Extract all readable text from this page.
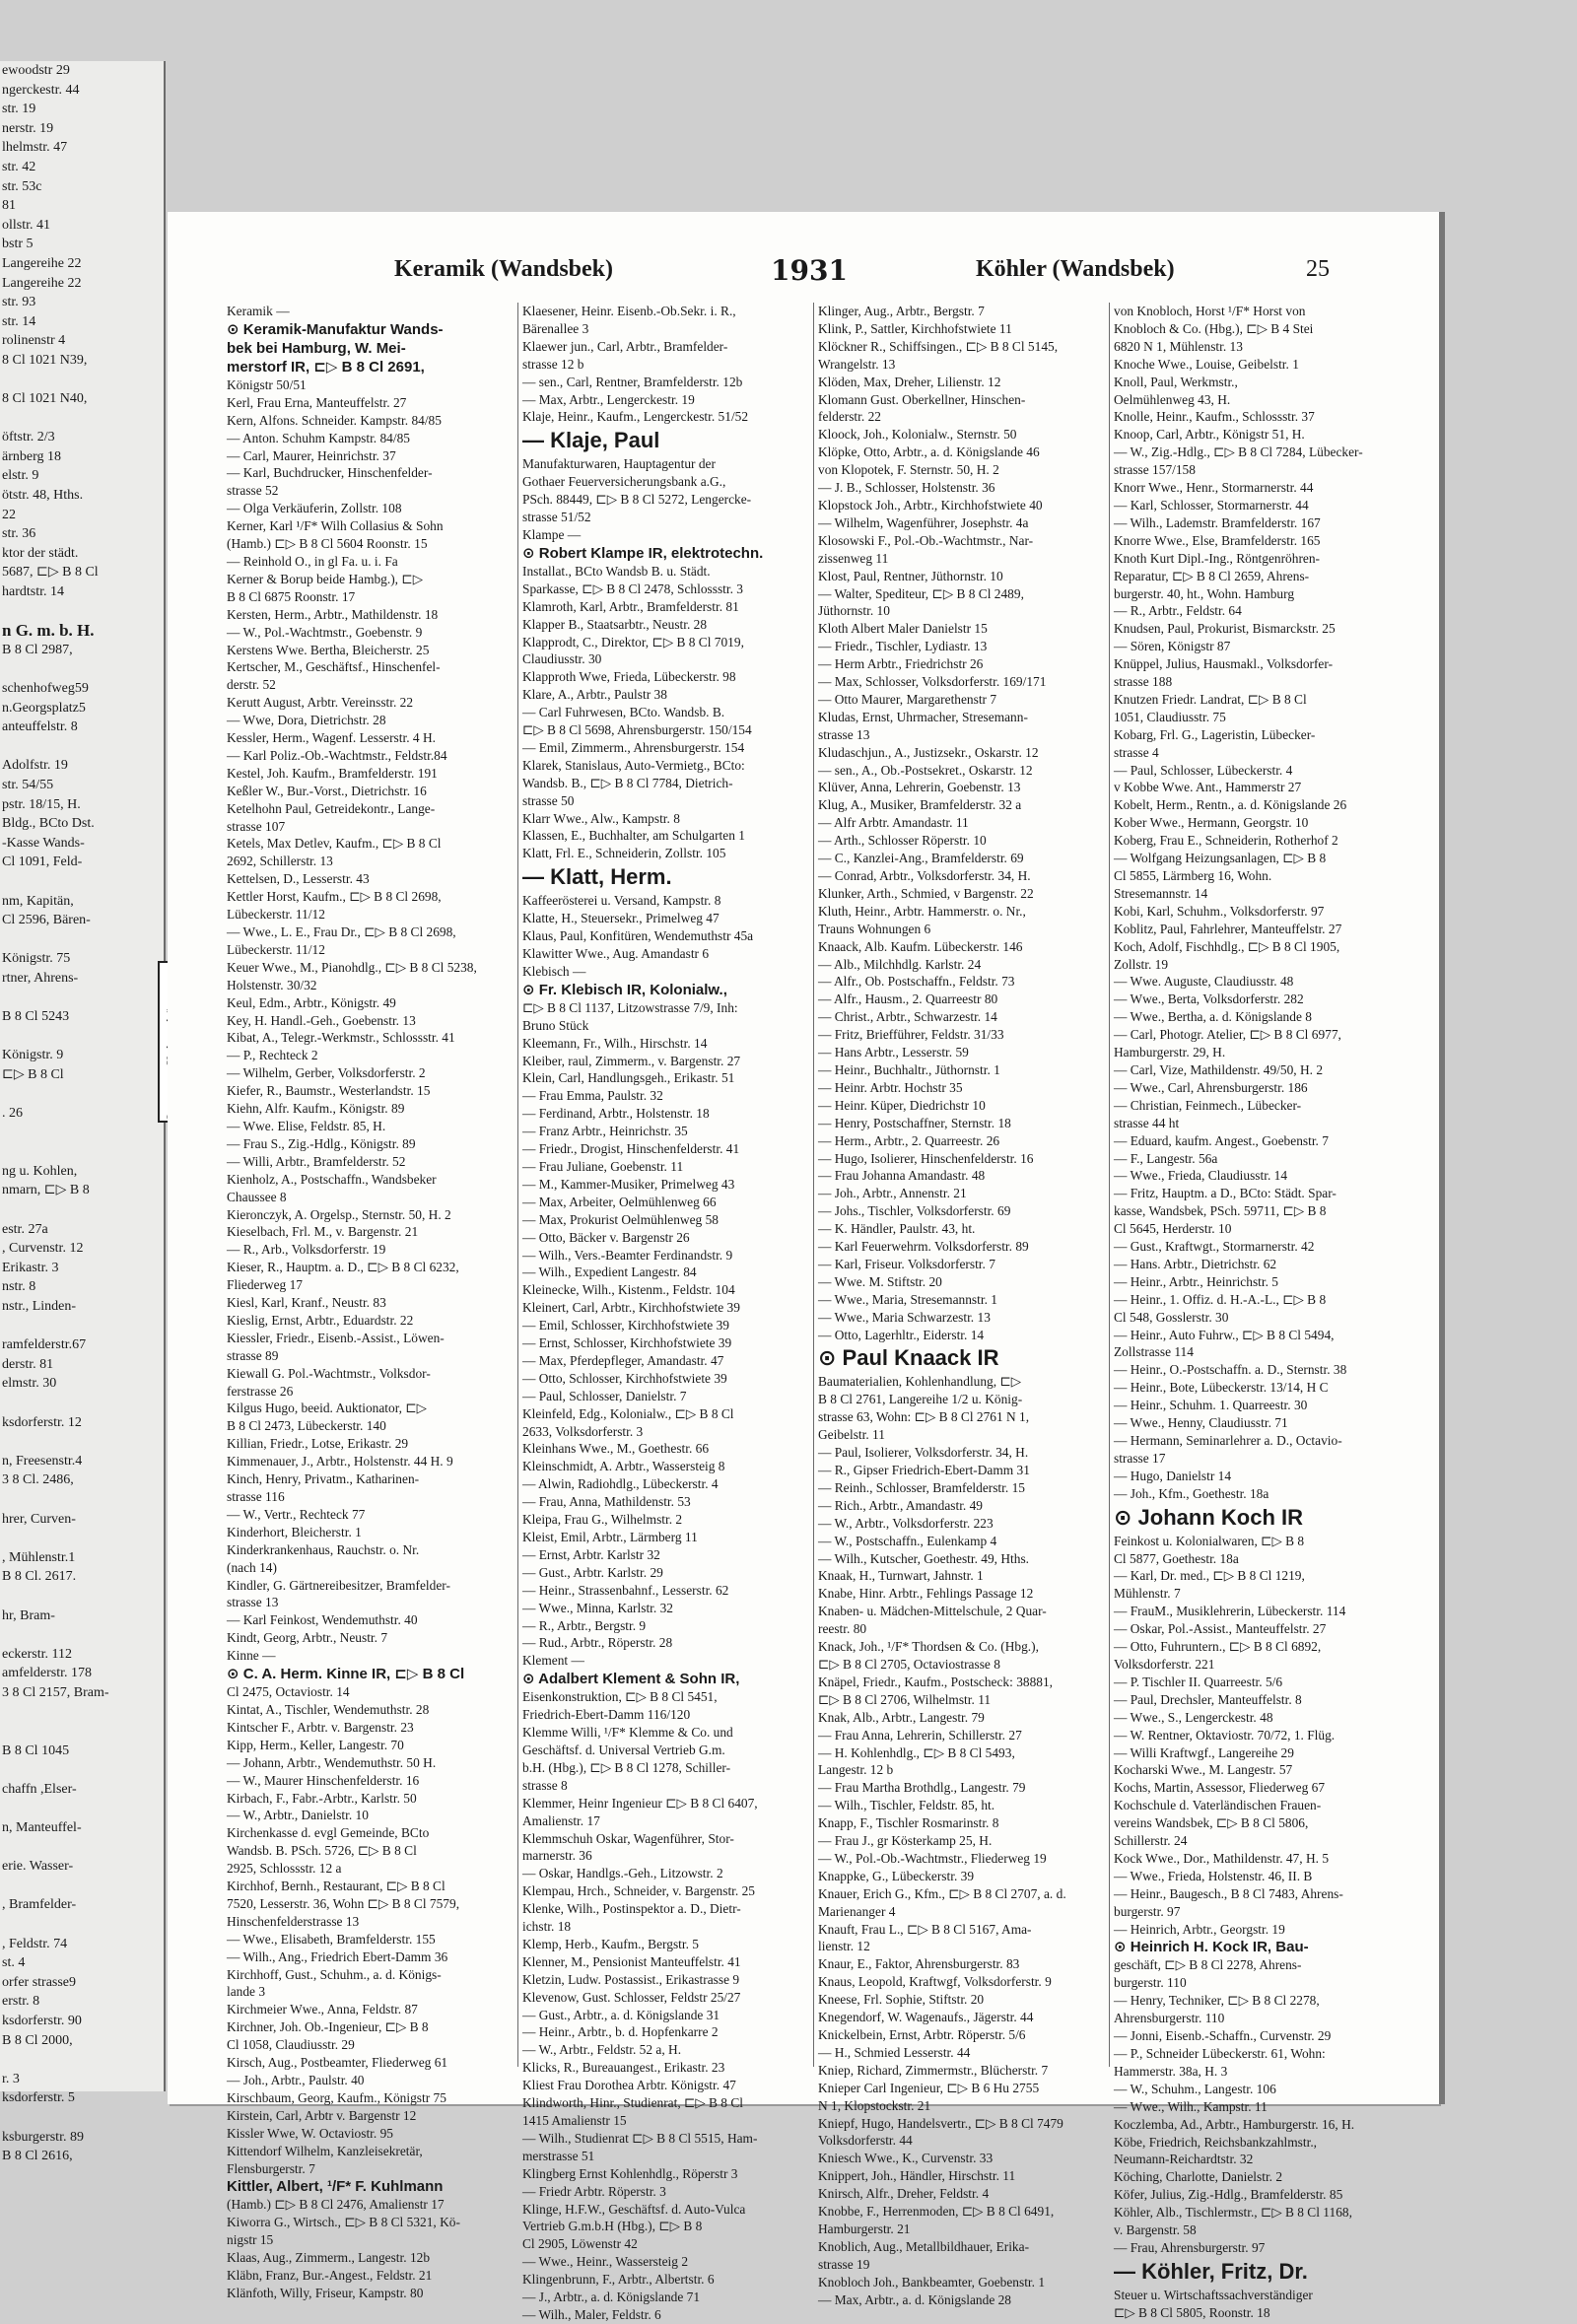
ewoodstr 29
ngerckestr. 44
str. 19
nerstr. 19
lhelmstr. 47
str. 42
str. 53c
81
ollstr. 41
bstr 5
Langereihe 22
Langereihe 22
str. 93
str. 14
rolinenstr 4
8 Cl 1021 N39,

8 Cl 1021 N40,

öftstr. 2/3
ärnberg 18
elstr. 9
ötstr. 48, Hths.
22
str. 36
ktor der städt.
5687, ⊏▷ B 8 Cl
hardtstr. 14

n G. m. b. H.
B 8 Cl 2987,

schenhofweg59
n.Georgsplatz5
anteuffelstr. 8

Adolfstr. 19
str. 54/55
pstr. 18/15, H.
Bldg., BCto Dst.
-Kasse Wands-
Cl 1091, Feld-

nm, Kapitän,
Cl 2596, Bären-

Königstr. 75
rtner, Ahrens-

B 8 Cl 5243

Königstr. 9
⊏▷ B 8 Cl

. 26

ng u. Kohlen,
nmarn, ⊏▷ B 8

estr. 27a
, Curvenstr. 12
Erikastr. 3
nstr. 8
nstr., Linden-

ramfelderstr.67
derstr. 81
elmstr. 30

ksdorferstr. 12

n, Freesenstr.4
3 8 Cl. 2486,

hrer, Curven-

, Mühlenstr.1
B 8 Cl. 2617.

hr, Bram-

eckerstr. 112
amfelderstr. 178
3 8 Cl 2157, Bram-

B 8 Cl 1045

chaffn ,Elser-

n, Manteuffel-

erie. Wasser-

, Bramfelder-

, Feldstr. 74
st. 4
orfer strasse9
erstr. 8
ksdorferstr. 90
B 8 Cl 2000,

r. 3
ksdorferstr. 5

ksburgerstr. 89
B 8 Cl 2616,
Keramik (Wandsbek)	1931	Köhler (Wandsbek)	25
Keramik —
⊙ Keramik-Manufaktur Wands-
bek bei Hamburg, W. Mei-
merstorf IR, ⊏▷ B 8 Cl 2691,
Königstr 50/51
Kerl, Frau Erna, Manteuffelstr. 27
Kern, Alfons. Schneider. Kampstr. 84/85
— Anton. Schuhm Kampstr. 84/85
— Carl, Maurer, Heinrichstr. 37
— Karl, Buchdrucker, Hinschenfelder-
strasse 52
— Olga Verkäuferin, Zollstr. 108
Kerner, Karl ¹/F* Wilh Collasius & Sohn
(Hamb.) ⊏▷ B 8 Cl 5604 Roonstr. 15
— Reinhold O., in gl Fa. u. i. Fa
Kerner & Borup beide Hambg.), ⊏▷
B 8 Cl 6875 Roonstr. 17
Kersten, Herm., Arbtr., Mathildenstr. 18
— W., Pol.-Wachtmstr., Goebenstr. 9
Kerstens Wwe. Bertha, Bleicherstr. 25
Kertscher, M., Geschäftsf., Hinschenfel-
derstr. 52
Kerutt August, Arbtr. Vereinsstr. 22
— Wwe, Dora, Dietrichstr. 28
Kessler, Herm., Wagenf. Lesserstr. 4 H.
— Karl Poliz.-Ob.-Wachtmstr., Feldstr.84
Kestel, Joh. Kaufm., Bramfelderstr. 191
Keßler W., Bur.-Vorst., Dietrichstr. 16
Ketelhohn Paul, Getreidekontr., Lange-
strasse 107
Ketels, Max Detlev, Kaufm., ⊏▷ B 8 Cl
2692, Schillerstr. 13
Kettelsen, D., Lesserstr. 43
Kettler Horst, Kaufm., ⊏▷ B 8 Cl 2698,
Lübeckerstr. 11/12
— Wwe., L. E., Frau Dr., ⊏▷ B 8 Cl 2698,
Lübeckerstr. 11/12
Keuer Wwe., M., Pianohdlg., ⊏▷ B 8 Cl 5238,
Holstenstr. 30/32
Keul, Edm., Arbtr., Königstr. 49
Key, H. Handl.-Geh., Goebenstr. 13
Kibat, A., Telegr.-Werkmstr., Schlossstr. 41
— P., Rechteck 2
— Wilhelm, Gerber, Volksdorferstr. 2
Kiefer, R., Baumstr., Westerlandstr. 15
Kiehn, Alfr. Kaufm., Königstr. 89
— Wwe. Elise, Feldstr. 85, H.
— Frau S., Zig.-Hdlg., Königstr. 89
— Willi, Arbtr., Bramfelderstr. 52
Kienholz, A., Postschaffn., Wandsbeker
Chaussee 8
Kieronczyk, A. Orgelsp., Sternstr. 50, H. 2
Kieselbach, Frl. M., v. Bargenstr. 21
— R., Arb., Volksdorferstr. 19
Kieser, R., Hauptm. a. D., ⊏▷ B 8 Cl 6232,
Fliederweg 17
Kiesl, Karl, Kranf., Neustr. 83
Kieslig, Ernst, Arbtr., Eduardstr. 22
Kiessler, Friedr., Eisenb.-Assist., Löwen-
strasse 89
Kiewall G. Pol.-Wachtmstr., Volksdor-
ferstrasse 26
Kilgus Hugo, beeid. Auktionator, ⊏▷
B 8 Cl 2473, Lübeckerstr. 140
Killian, Friedr., Lotse, Erikastr. 29
Kimmenauer, J., Arbtr., Holstenstr. 44 H. 9
Kinch, Henry, Privatm., Katharinen-
strasse 116
— W., Vertr., Rechteck 77
Kinderhort, Bleicherstr. 1
Kinderkrankenhaus, Rauchstr. o. Nr.
(nach 14)
Kindler, G. Gärtnereibesitzer, Bramfelder-
strasse 13
— Karl Feinkost, Wendemuthstr. 40
Kindt, Georg, Arbtr., Neustr. 7
Kinne —
⊙ C. A. Herm. Kinne IR, ⊏▷ B 8 Cl
Cl 2475, Octaviostr. 14
Kintat, A., Tischler, Wendemuthstr. 28
Kintscher F., Arbtr. v. Bargenstr. 23
Kipp, Herm., Keller, Langestr. 70
— Johann, Arbtr., Wendemuthstr. 50 H.
— W., Maurer Hinschenfelderstr. 16
Kirbach, F., Fabr.-Arbtr., Karlstr. 50
— W., Arbtr., Danielstr. 10
Kirchenkasse d. evgl Gemeinde, BCto
Wandsb. B. PSch. 5726, ⊏▷ B 8 Cl
2925, Schlossstr. 12 a
Kirchhof, Bernh., Restaurant, ⊏▷ B 8 Cl
7520, Lesserstr. 36, Wohn ⊏▷ B 8 Cl 7579,
Hinschenfelderstrasse 13
— Wwe., Elisabeth, Bramfelderstr. 155
— Wilh., Ang., Friedrich Ebert-Damm 36
Kirchhoff, Gust., Schuhm., a. d. Königs-
lande 3
Kirchmeier Wwe., Anna, Feldstr. 87
Kirchner, Joh. Ob.-Ingenieur, ⊏▷ B 8
Cl 1058, Claudiusstr. 29
Kirsch, Aug., Postbeamter, Fliederweg 61
— Joh., Arbtr., Paulstr. 40
Kirschbaum, Georg, Kaufm., Königstr 75
Kirstein, Carl, Arbtr v. Bargenstr 12
Kissler Wwe, W. Octaviostr. 95
Kittendorf Wilhelm, Kanzleisekretär,
Flensburgerstr. 7
Kittler, Albert, ¹/F* F. Kuhlmann
(Hamb.) ⊏▷ B 8 Cl 2476, Amalienstr 17
Kiworra G., Wirtsch., ⊏▷ B 8 Cl 5321, Kö-
nigstr 15
Klaas, Aug., Zimmerm., Langestr. 12b
Kläbn, Franz, Bur.-Angest., Feldstr. 21
Klänfoth, Willy, Friseur, Kampstr. 80
Klaesener, Heinr. Eisenb.-Ob.Sekr. i. R.,
Bärenallee 3
Klaewer jun., Carl, Arbtr., Bramfelder-
strasse 12 b
— sen., Carl, Rentner, Bramfelderstr. 12b
— Max, Arbtr., Lengerckestr. 19
Klaje, Heinr., Kaufm., Lengerckestr. 51/52
— Klaje, Paul
Manufakturwaren, Hauptagentur der
Gothaer Feuerversicherungsbank a.G.,
PSch. 88449, ⊏▷ B 8 Cl 5272, Lengercke-
strasse 51/52
Klampe —
⊙ Robert Klampe IR, elektrotechn.
Installat., BCto Wandsb B. u. Städt.
Sparkasse, ⊏▷ B 8 Cl 2478, Schlossstr. 3
Klamroth, Karl, Arbtr., Bramfelderstr. 81
Klapper B., Staatsarbtr., Neustr. 28
Klapprodt, C., Direktor, ⊏▷ B 8 Cl 7019,
Claudiusstr. 30
Klapproth Wwe, Frieda, Lübeckerstr. 98
Klare, A., Arbtr., Paulstr 38
— Carl Fuhrwesen, BCto. Wandsb. B.
⊏▷ B 8 Cl 5698, Ahrensburgerstr. 150/154
— Emil, Zimmerm., Ahrensburgerstr. 154
Klarek, Stanislaus, Auto-Vermietg., BCto:
Wandsb. B., ⊏▷ B 8 Cl 7784, Dietrich-
strasse 50
Klarr Wwe., Alw., Kampstr. 8
Klassen, E., Buchhalter, am Schulgarten 1
Klatt, Frl. E., Schneiderin, Zollstr. 105
— Klatt, Herm.
Kaffeerösterei u. Versand, Kampstr. 8
Klatte, H., Steuersekr., Primelweg 47
Klaus, Paul, Konfitüren, Wendemuthstr 45a
Klawitter Wwe., Aug. Amandastr 6
Klebisch —
⊙ Fr. Klebisch IR, Kolonialw.,
⊏▷ B 8 Cl 1137, Litzowstrasse 7/9, Inh:
Bruno Stück
Kleemann, Fr., Wilh., Hirschstr. 14
Kleiber, raul, Zimmerm., v. Bargenstr. 27
Klein, Carl, Handlungsgeh., Erikastr. 51
— Frau Emma, Paulstr. 32
— Ferdinand, Arbtr., Holstenstr. 18
— Franz Arbtr., Heinrichstr. 35
— Friedr., Drogist, Hinschenfelderstr. 41
— Frau Juliane, Goebenstr. 11
— M., Kammer-Musiker, Primelweg 43
— Max, Arbeiter, Oelmühlenweg 66
— Max, Prokurist Oelmühlenweg 58
— Otto, Bäcker v. Bargenstr 26
— Wilh., Vers.-Beamter Ferdinandstr. 9
— Wilh., Expedient Langestr. 84
Kleinecke, Wilh., Kistenm., Feldstr. 104
Kleinert, Carl, Arbtr., Kirchhofstwiete 39
— Emil, Schlosser, Kirchhofstwiete 39
— Ernst, Schlosser, Kirchhofstwiete 39
— Max, Pferdepfleger, Amandastr. 47
— Otto, Schlosser, Kirchhofstwiete 39
— Paul, Schlosser, Danielstr. 7
Kleinfeld, Edg., Kolonialw., ⊏▷ B 8 Cl
2633, Volksdorferstr. 3
Kleinhans Wwe., M., Goethestr. 66
Kleinschmidt, A. Arbtr., Wassersteig 8
— Alwin, Radiohdlg., Lübeckerstr. 4
— Frau, Anna, Mathildenstr. 53
Kleipa, Frau G., Wilhelmstr. 2
Kleist, Emil, Arbtr., Lärmberg 11
— Ernst, Arbtr. Karlstr 32
— Gust., Arbtr. Karlstr. 29
— Heinr., Strassenbahnf., Lesserstr. 62
— Wwe., Minna, Karlstr. 32
— R., Arbtr., Bergstr. 9
— Rud., Arbtr., Röperstr. 28
Klement —
⊙ Adalbert Klement & Sohn IR,
Eisenkonstruktion, ⊏▷ B 8 Cl 5451,
Friedrich-Ebert-Damm 116/120
Klemme Willi, ¹/F* Klemme & Co. und
Geschäftsf. d. Universal Vertrieb G.m.
b.H. (Hbg.), ⊏▷ B 8 Cl 1278, Schiller-
strasse 8
Klemmer, Heinr Ingenieur ⊏▷ B 8 Cl 6407,
Amalienstr. 17
Klemmschuh Oskar, Wagenführer, Stor-
marnerstr. 36
— Oskar, Handlgs.-Geh., Litzowstr. 2
Klempau, Hrch., Schneider, v. Bargenstr. 25
Klenke, Wilh., Postinspektor a. D., Dietr-
ichstr. 18
Klemp, Herb., Kaufm., Bergstr. 5
Klenner, M., Pensionist Manteuffelstr. 41
Kletzin, Ludw. Postassist., Erikastrasse 9
Klevenow, Gust. Schlosser, Feldstr 25/27
— Gust., Arbtr., a. d. Königslande 31
— Heinr., Arbtr., b. d. Hopfenkarre 2
— W., Arbtr., Feldstr. 52 a, H.
Klicks, R., Bureauangest., Erikastr. 23
Kliest Frau Dorothea Arbtr. Königstr. 47
Klindworth, Hinr., Studienrat, ⊏▷ B 8 Cl
1415 Amalienstr 15
— Wilh., Studienrat ⊏▷ B 8 Cl 5515, Ham-
merstrasse 51
Klingberg Ernst Kohlenhdlg., Röperstr 3
— Friedr Arbtr. Röperstr. 3
Klinge, H.F.W., Geschäftsf. d. Auto-Vulca
Vertrieb G.m.b.H (Hbg.), ⊏▷ B 8
Cl 2905, Löwenstr 42
— Wwe., Heinr., Wassersteig 2
Klingenbrunn, F., Arbtr., Albertstr. 6
— J., Arbtr., a. d. Königslande 71
— Wilh., Maler, Feldstr. 6
Klinger, Aug., Arbtr., Bergstr. 7
Klink, P., Sattler, Kirchhofstwiete 11
Klöckner R., Schiffsingen., ⊏▷ B 8 Cl 5145,
Wrangelstr. 13
Klöden, Max, Dreher, Lilienstr. 12
Klomann Gust. Oberkellner, Hinschen-
felderstr. 22
Kloock, Joh., Kolonialw., Sternstr. 50
Klöpke, Otto, Arbtr., a. d. Königslande 46
von Klopotek, F. Sternstr. 50, H. 2
— J. B., Schlosser, Holstenstr. 36
Klopstock Joh., Arbtr., Kirchhofstwiete 40
— Wilhelm, Wagenführer, Josephstr. 4a
Klosowski F., Pol.-Ob.-Wachtmstr., Nar-
zissenweg 11
Klost, Paul, Rentner, Jüthornstr. 10
— Walter, Spediteur, ⊏▷ B 8 Cl 2489,
Jüthornstr. 10
Kloth Albert Maler Danielstr 15
— Friedr., Tischler, Lydiastr. 13
— Herm Arbtr., Friedrichstr 26
— Max, Schlosser, Volksdorferstr. 169/171
— Otto Maurer, Margarethenstr 7
Kludas, Ernst, Uhrmacher, Stresemann-
strasse 13
Kludaschjun., A., Justizsekr., Oskarstr. 12
— sen., A., Ob.-Postsekret., Oskarstr. 12
Klüver, Anna, Lehrerin, Goebenstr. 13
Klug, A., Musiker, Bramfelderstr. 32 a
— Alfr Arbtr. Amandastr. 11
— Arth., Schlosser Röperstr. 10
— C., Kanzlei-Ang., Bramfelderstr. 69
— Conrad, Arbtr., Volksdorferstr. 34, H.
Klunker, Arth., Schmied, v Bargenstr. 22
Kluth, Heinr., Arbtr. Hammerstr. o. Nr.,
Trauns Wohnungen 6
Knaack, Alb. Kaufm. Lübeckerstr. 146
— Alb., Milchhdlg. Karlstr. 24
— Alfr., Ob. Postschaffn., Feldstr. 73
— Alfr., Hausm., 2. Quarreestr 80
— Christ., Arbtr., Schwarzestr. 14
— Fritz, Briefführer, Feldstr. 31/33
— Hans Arbtr., Lesserstr. 59
— Heinr., Buchhaltr., Jüthornstr. 1
— Heinr. Arbtr. Hochstr 35
— Heinr. Küper, Diedrichstr 10
— Henry, Postschaffner, Sternstr. 18
— Herm., Arbtr., 2. Quarreestr. 26
— Hugo, Isolierer, Hinschenfelderstr. 16
— Frau Johanna Amandastr. 48
— Joh., Arbtr., Annenstr. 21
— Johs., Tischler, Volksdorferstr. 69
— K. Händler, Paulstr. 43, ht.
— Karl Feuerwehrm. Volksdorferstr. 89
— Karl, Friseur. Volksdorferstr. 7
— Wwe. M. Stiftstr. 20
— Wwe., Maria, Stresemannstr. 1
— Wwe., Maria Schwarzestr. 13
— Otto, Lagerhltr., Eiderstr. 14
⊙ Paul Knaack IR
Baumaterialien, Kohlenhandlung, ⊏▷
B 8 Cl 2761, Langereihe 1/2 u. König-
strasse 63, Wohn: ⊏▷ B 8 Cl 2761 N 1,
Geibelstr. 11
— Paul, Isolierer, Volksdorferstr. 34, H.
— R., Gipser Friedrich-Ebert-Damm 31
— Reinh., Schlosser, Bramfelderstr. 15
— Rich., Arbtr., Amandastr. 49
— W., Arbtr., Volksdorferstr. 223
— W., Postschaffn., Eulenkamp 4
— Wilh., Kutscher, Goethestr. 49, Hths.
Knaak, H., Turnwart, Jahnstr. 1
Knabe, Hinr. Arbtr., Fehlings Passage 12
Knaben- u. Mädchen-Mittelschule, 2 Quar-
reestr. 80
Knack, Joh., ¹/F* Thordsen & Co. (Hbg.),
⊏▷ B 8 Cl 2705, Octaviostrasse 8
Knäpel, Friedr., Kaufm., Postscheck: 38881,
⊏▷ B 8 Cl 2706, Wilhelmstr. 11
Knak, Alb., Arbtr., Langestr. 79
— Frau Anna, Lehrerin, Schillerstr. 27
— H. Kohlenhdlg., ⊏▷ B 8 Cl 5493,
Langestr. 12 b
— Frau Martha Brothdlg., Langestr. 79
— Wilh., Tischler, Feldstr. 85, ht.
Knapp, F., Tischler Rosmarinstr. 8
— Frau J., gr Kösterkamp 25, H.
— W., Pol.-Ob.-Wachtmstr., Fliederweg 19
Knappke, G., Lübeckerstr. 39
Knauer, Erich G., Kfm., ⊏▷ B 8 Cl 2707, a. d.
Marienanger 4
Knauft, Frau L., ⊏▷ B 8 Cl 5167, Ama-
lienstr. 12
Knaur, E., Faktor, Ahrensburgerstr. 83
Knaus, Leopold, Kraftwgf, Volksdorferstr. 9
Kneese, Frl. Sophie, Stiftstr. 20
Knegendorf, W. Wagenaufs., Jägerstr. 44
Knickelbein, Ernst, Arbtr. Röperstr. 5/6
— H., Schmied Lesserstr. 44
Kniep, Richard, Zimmermstr., Blücherstr. 7
Knieper Carl Ingenieur, ⊏▷ B 6 Hu 2755
N 1, Klopstockstr. 21
Kniepf, Hugo, Handelsvertr., ⊏▷ B 8 Cl 7479
Volksdorferstr. 44
Kniesch Wwe., K., Curvenstr. 33
Knippert, Joh., Händler, Hirschstr. 11
Knirsch, Alfr., Dreher, Feldstr. 4
Knobbe, F., Herrenmoden, ⊏▷ B 8 Cl 6491,
Hamburgerstr. 21
Knoblich, Aug., Metallbildhauer, Erika-
strasse 19
Knobloch Joh., Bankbeamter, Goebenstr. 1
— Max, Arbtr., a. d. Königslande 28
von Knobloch, Horst ¹/F* Horst von
Knobloch & Co. (Hbg.), ⊏▷ B 4 Stei
6820 N 1, Mühlenstr. 13
Knoche Wwe., Louise, Geibelstr. 1
Knoll, Paul, Werkmstr.,
Oelmühlenweg 43, H.
Knolle, Heinr., Kaufm., Schlossstr. 37
Knoop, Carl, Arbtr., Königstr 51, H.
— W., Zig.-Hdlg., ⊏▷ B 8 Cl 7284, Lübecker-
strasse 157/158
Knorr Wwe., Henr., Stormarnerstr. 44
— Karl, Schlosser, Stormarnerstr. 44
— Wilh., Lademstr. Bramfelderstr. 167
Knorre Wwe., Else, Bramfelderstr. 165
Knoth Kurt Dipl.-Ing., Röntgenröhren-
Reparatur, ⊏▷ B 8 Cl 2659, Ahrens-
burgerstr. 40, ht., Wohn. Hamburg
— R., Arbtr., Feldstr. 64
Knudsen, Paul, Prokurist, Bismarckstr. 25
— Sören, Königstr 87
Knüppel, Julius, Hausmakl., Volksdorfer-
strasse 188
Knutzen Friedr. Landrat, ⊏▷ B 8 Cl
1051, Claudiusstr. 75
Kobarg, Frl. G., Lageristin, Lübecker-
strasse 4
— Paul, Schlosser, Lübeckerstr. 4
v Kobbe Wwe. Ant., Hammerstr 27
Kobelt, Herm., Rentn., a. d. Königslande 26
Kober Wwe., Hermann, Georgstr. 10
Koberg, Frau E., Schneiderin, Rotherhof 2
— Wolfgang Heizungsanlagen, ⊏▷ B 8
Cl 5855, Lärmberg 16, Wohn.
Stresemannstr. 14
Kobi, Karl, Schuhm., Volksdorferstr. 97
Koblitz, Paul, Fahrlehrer, Manteuffelstr. 27
Koch, Adolf, Fischhdlg., ⊏▷ B 8 Cl 1905,
Zollstr. 19
— Wwe. Auguste, Claudiusstr. 48
— Wwe., Berta, Volksdorferstr. 282
— Wwe., Bertha, a. d. Königslande 8
— Carl, Photogr. Atelier, ⊏▷ B 8 Cl 6977,
Hamburgerstr. 29, H.
— Carl, Vize, Mathildenstr. 49/50, H. 2
— Wwe., Carl, Ahrensburgerstr. 186
— Christian, Feinmech., Lübecker-
strasse 44 ht
— Eduard, kaufm. Angest., Goebenstr. 7
— F., Langestr. 56a
— Wwe., Frieda, Claudiusstr. 14
— Fritz, Hauptm. a D., BCto: Städt. Spar-
kasse, Wandsbek, PSch. 59711, ⊏▷ B 8
Cl 5645, Herderstr. 10
— Gust., Kraftwgt., Stormarnerstr. 42
— Hans. Arbtr., Dietrichstr. 62
— Heinr., Arbtr., Heinrichstr. 5
— Heinr., 1. Offiz. d. H.-A.-L., ⊏▷ B 8
Cl 548, Gosslerstr. 30
— Heinr., Auto Fuhrw., ⊏▷ B 8 Cl 5494,
Zollstrasse 114
— Heinr., O.-Postschaffn. a. D., Sternstr. 38
— Heinr., Bote, Lübeckerstr. 13/14, H C
— Heinr., Schuhm. 1. Quarreestr. 30
— Wwe., Henny, Claudiusstr. 71
— Hermann, Seminarlehrer a. D., Octavio-
strasse 17
— Hugo, Danielstr 14
— Joh., Kfm., Goethestr. 18a
⊙ Johann Koch IR
Feinkost u. Kolonialwaren, ⊏▷ B 8
Cl 5877, Goethestr. 18a
— Karl, Dr. med., ⊏▷ B 8 Cl 1219,
Mühlenstr. 7
— FrauM., Musiklehrerin, Lübeckerstr. 114
— Oskar, Pol.-Assist., Manteuffelstr. 27
— Otto, Fuhruntern., ⊏▷ B 8 Cl 6892,
Volksdorferstr. 221
— P. Tischler II. Quarreestr. 5/6
— Paul, Drechsler, Manteuffelstr. 8
— Wwe., S., Lengerckestr. 48
— W. Rentner, Oktaviostr. 70/72, 1. Flüg.
— Willi Kraftwgf., Langereihe 29
Kocharski Wwe., M. Langestr. 57
Kochs, Martin, Assessor, Fliederweg 67
Kochschule d. Vaterländischen Frauen-
vereins Wandsbek, ⊏▷ B 8 Cl 5806,
Schillerstr. 24
Kock Wwe., Dor., Mathildenstr. 47, H. 5
— Wwe., Frieda, Holstenstr. 46, II. B
— Heinr., Baugesch., B 8 Cl 7483, Ahrens-
burgerstr. 97
— Heinrich, Arbtr., Georgstr. 19
⊙ Heinrich H. Kock IR, Bau-
geschäft, ⊏▷ B 8 Cl 2278, Ahrens-
burgerstr. 110
— Henry, Techniker, ⊏▷ B 8 Cl 2278,
Ahrensburgerstr. 110
— Jonni, Eisenb.-Schaffn., Curvenstr. 29
— P., Schneider Lübeckerstr. 61, Wohn:
Hammerstr. 38a, H. 3
— W., Schuhm., Langestr. 106
— Wwe., Wilh., Kampstr. 11
Koczlemba, Ad., Arbtr., Hamburgerstr. 16, H.
Köbe, Friedrich, Reichsbankzahlmstr.,
Neumann-Reichardtstr. 32
Köching, Charlotte, Danielstr. 2
Köfer, Julius, Zig.-Hdlg., Bramfelderstr. 85
Köhler, Alb., Tischlermstr., ⊏▷ B 8 Cl 1168,
v. Bargenstr. 58
— Frau, Ahrensburgerstr. 97
— Köhler, Fritz, Dr.
Steuer u. Wirtschaftssachverständiger
⊏▷ B 8 Cl 5805, Roonstr. 18
